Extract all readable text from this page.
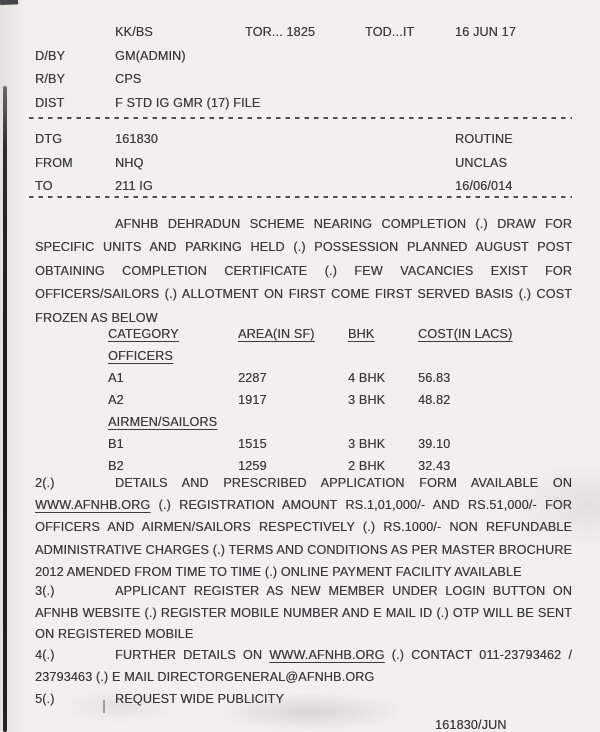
KK/BS	TOR... 1825	TOD...IT	16 JUN 17
D/BY	GM(ADMIN)
R/BY	CPS
DIST	F STD IG GMR (17) FILE
DTG	161830	ROUTINE
FROM	NHQ	UNCLAS
TO	211 IG	16/06/014
AFNHB DEHRADUN SCHEME NEARING COMPLETION (.) DRAW FOR
SPECIFIC UNITS AND PARKING HELD (.) POSSESSION PLANNED AUGUST POST
OBTAINING COMPLETION CERTIFICATE (.) FEW VACANCIES EXIST FOR
OFFICERS/SAILORS (.) ALLOTMENT ON FIRST COME FIRST SERVED BASIS (.) COST
FROZEN AS BELOW
CATEGORY	AREA(IN SF)	BHK	COST(IN LACS)
OFFICERS
A1	2287	4 BHK	56.83
A2	1917	3 BHK	48.82
AIRMEN/SAILORS
B1	1515	3 BHK	39.10
B2	1259	2 BHK	32.43
2(.)	DETAILS AND PRESCRIBED APPLICATION FORM AVAILABLE ON
WWW.AFNHB.ORG (.) REGISTRATION AMOUNT RS.1,01,000/- AND RS.51,000/- FOR
OFFICERS AND AIRMEN/SAILORS RESPECTIVELY (.) RS.1000/- NON REFUNDABLE
ADMINISTRATIVE CHARGES (.) TERMS AND CONDITIONS AS PER MASTER BROCHURE
2012 AMENDED FROM TIME TO TIME (.) ONLINE PAYMENT FACILITY AVAILABLE
3(.)	APPLICANT REGISTER AS NEW MEMBER UNDER LOGIN BUTTON ON
AFNHB WEBSITE (.) REGISTER MOBILE NUMBER AND E MAIL ID (.) OTP WILL BE SENT
ON REGISTERED MOBILE
4(.)	FURTHER DETAILS ON WWW.AFNHB.ORG (.) CONTACT 011-23793462 /
23793463 (.) E MAIL DIRECTORGENERAL@AFNHB.ORG
5(.)	REQUEST WIDE PUBLICITY
161830/JUN
